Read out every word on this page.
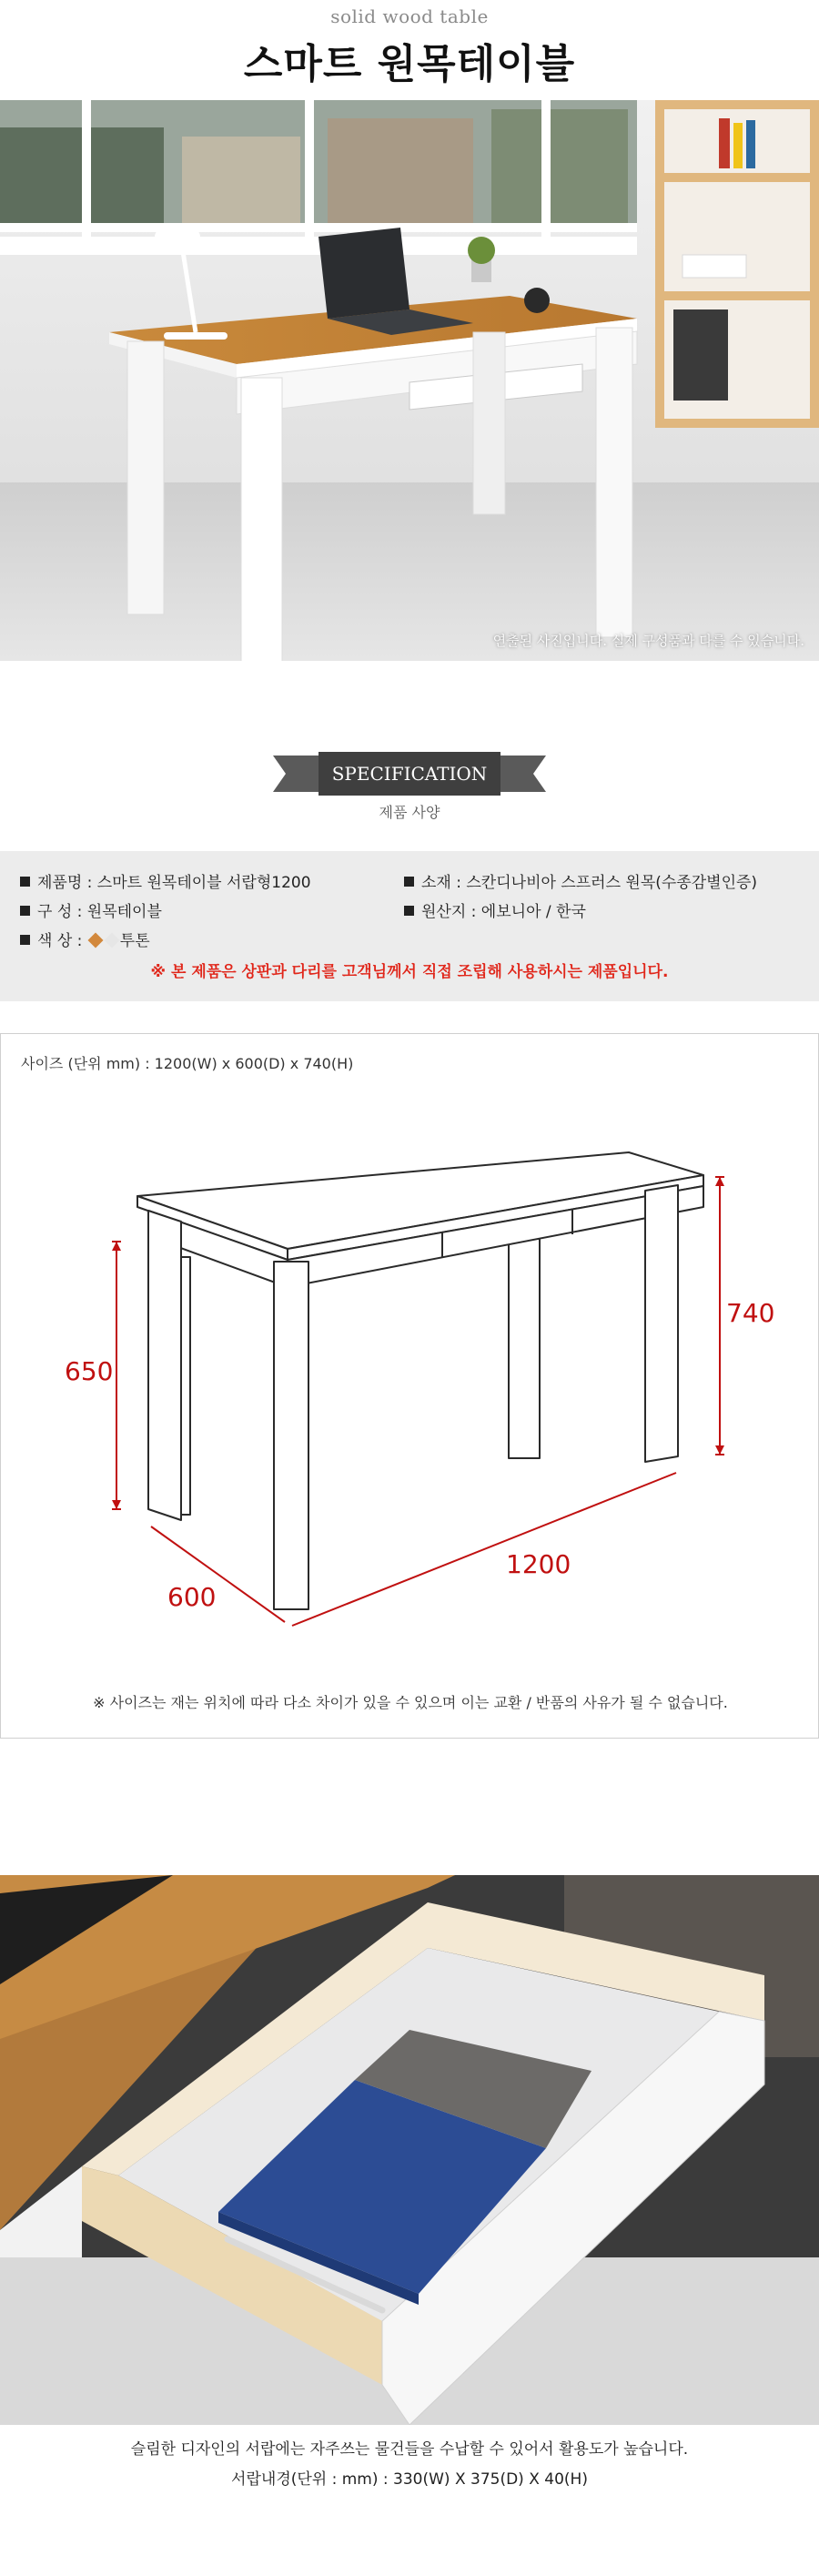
solid wood table
스마트 원목테이블
연출된 사진입니다. 실제 구성품과 다를 수 있습니다.
SPECIFICATION
제품 사양
제품명 : 스마트 원목테이블 서랍형1200	소재 : 스칸디나비아 스프러스 원목(수종감별인증)
구 성 : 원목테이블	원산지 : 에보니아 / 한국
색 상 : 투톤
※ 본 제품은 상판과 다리를 고객님께서 직접 조립해 사용하시는 제품입니다.
사이즈 (단위 mm) : 1200(W) x 600(D) x 740(H)
740
650
1200
600
※ 사이즈는 재는 위치에 따라 다소 차이가 있을 수 있으며 이는 교환 / 반품의 사유가 될 수 없습니다.
슬림한 디자인의 서랍에는 자주쓰는 물건들을 수납할 수 있어서 활용도가 높습니다.
서랍내경(단위 : mm) : 330(W) X 375(D) X 40(H)
